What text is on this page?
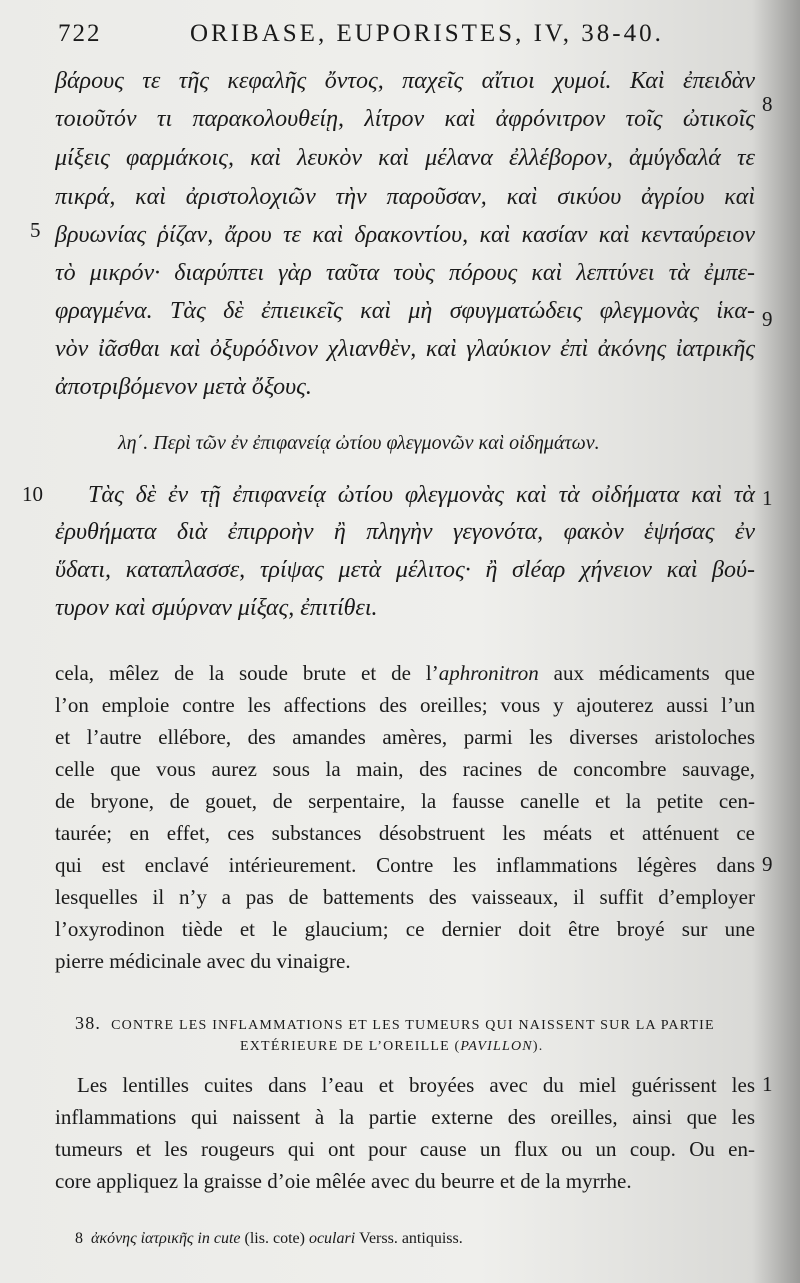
722	ORIBASE, EUPORISTES, IV, 38-40.
βάρους τε τῆς κεφαλῆς ὄντος, παχεῖς αἴτιοι χυμοί. Καὶ ἐπειδὰν
τοιοῦτόν τι παρακολουθείῃ, λίτρον καὶ ἀφρόνιτρον τοῖς ὠτικοῖς
μίξεις φαρμάκοις, καὶ λευκὸν καὶ μέλανα ἐλλέβορον, ἀμύγδαλά τε
πικρά, καὶ ἀριστολοχιῶν τὴν παροῦσαν, καὶ σικύου ἀγρίου καὶ
βρυωνίας ῥίζαν, ἄρου τε καὶ δρακοντίου, καὶ κασίαν καὶ κενταύρειον
τὸ μικρόν· διαρύπτει γὰρ ταῦτα τοὺς πόρους καὶ λεπτύνει τὰ ἐμπε-
φραγμένα. Τὰς δὲ ἐπιεικεῖς καὶ μὴ σφυγματώδεις φλεγμονὰς ἱκα-
νὸν ἰᾶσθαι καὶ ὀξυρόδινον χλιανθὲν, καὶ γλαύκιον ἐπὶ ἀκόνης ἰατρικῆς
ἀποτριβόμενον μετὰ ὄξους.
λη΄. Περὶ τῶν ἐν ἐπιφανείᾳ ὠτίου φλεγμονῶν καὶ οἰδημάτων.
Τὰς δὲ ἐν τῇ ἐπιφανείᾳ ὠτίου φλεγμονὰς καὶ τὰ οἰδήματα καὶ τὰ
ἐρυθήματα διὰ ἐπιρροὴν ἢ πληγὴν γεγονότα, φακὸν ἑψήσας ἐν
ὕδατι, καταπλασσε, τρίψας μετὰ μέλιτος· ἢ σléαρ χήνειον καὶ βού-
τυρον καὶ σμύρναν μίξας, ἐπιτίθει.
5
10
8
9
1
9
1
cela, mêlez de la soude brute et de l’aphronitron aux médicaments que
l’on emploie contre les affections des oreilles; vous y ajouterez aussi l’un
et l’autre ellébore, des amandes amères, parmi les diverses aristoloches
celle que vous aurez sous la main, des racines de concombre sauvage,
de bryone, de gouet, de serpentaire, la fausse canelle et la petite cen-
taurée; en effet, ces substances désobstruent les méats et atténuent ce
qui est enclavé intérieurement. Contre les inflammations légères dans
lesquelles il n’y a pas de battements des vaisseaux, il suffit d’employer
l’oxyrodinon tiède et le glaucium; ce dernier doit être broyé sur une
pierre médicinale avec du vinaigre.
38. CONTRE LES INFLAMMATIONS ET LES TUMEURS QUI NAISSENT SUR LA PARTIE
EXTÉRIEURE DE L’OREILLE (PAVILLON).
Les lentilles cuites dans l’eau et broyées avec du miel guérissent les
inflammations qui naissent à la partie externe des oreilles, ainsi que les
tumeurs et les rougeurs qui ont pour cause un flux ou un coup. Ou en-
core appliquez la graisse d’oie mêlée avec du beurre et de la myrrhe.
8 ἀκόνης ἰατρικῆς in cute (lis. cote) oculari Verss. antiquiss.
